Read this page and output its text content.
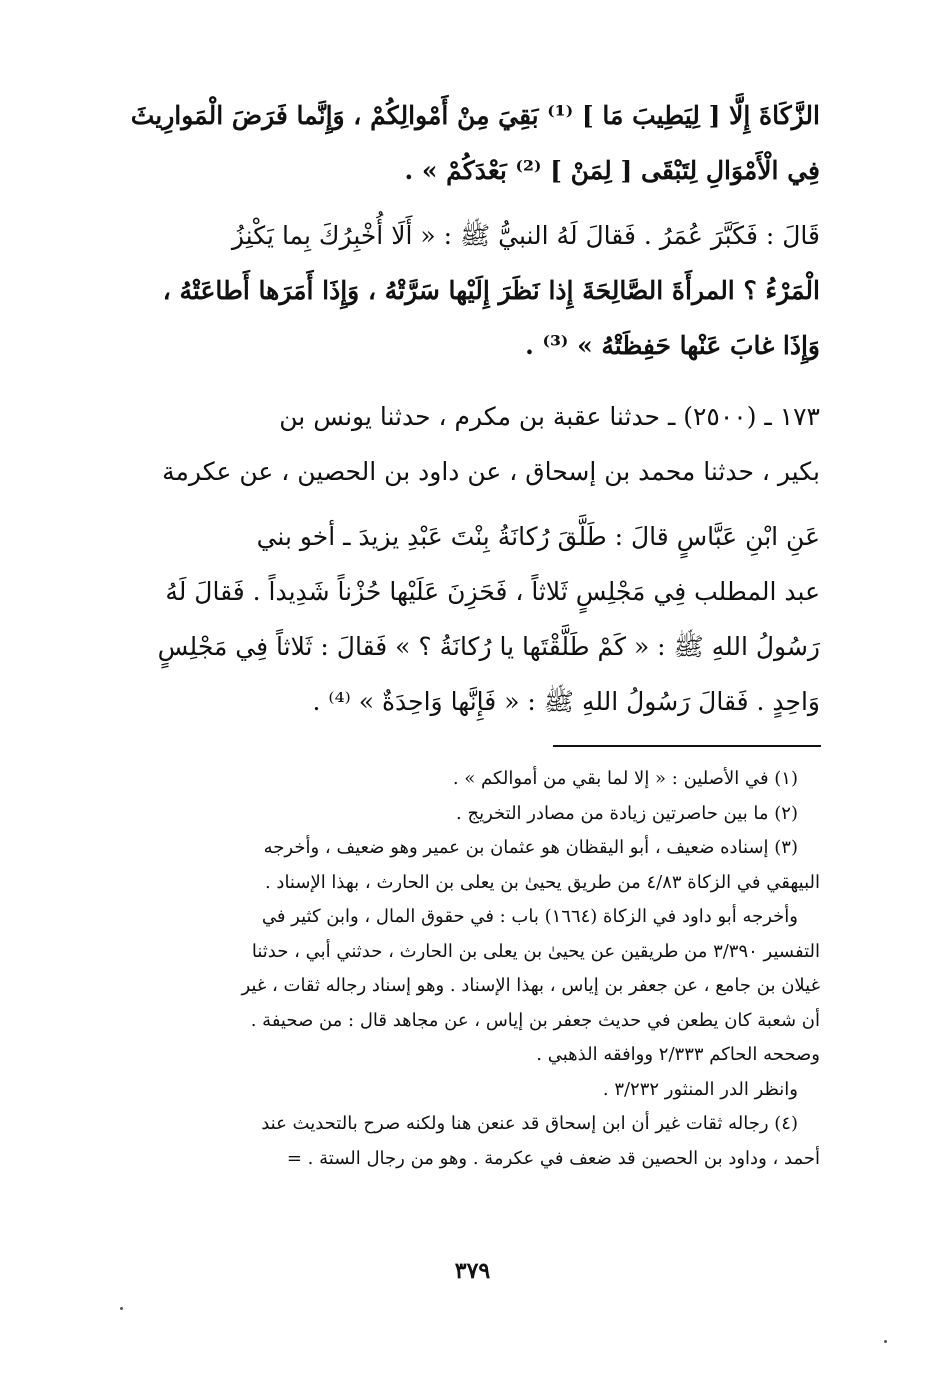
الزَّكَاةَ إِلَّا [ لِيَطِيبَ مَا ] ⁽¹⁾ بَقِيَ مِنْ أَمْوالِكُمْ ، وَإِنَّما فَرَضَ الْمَوارِيثَ
فِي الْأَمْوَالِ لِتَبْقَى [ لِمَنْ ] ⁽²⁾ بَعْدَكُمْ » .

قَالَ : فَكَبَّرَ عُمَرُ . فَقالَ لَهُ النبيُّ ﷺ : « أَلَا أُخْبِرُكَ بِما يَكْنِزُ
الْمَرْءُ ؟ المرأَةَ الصَّالِحَةَ إِذا نَظَرَ إِلَيْها سَرَّتْهُ ، وَإِذَا أَمَرَها أَطاعَتْهُ ،
وَإِذَا غابَ عَنْها حَفِظَتْهُ » ⁽³⁾ .

١٧٣ ـ (٢٥٠٠) ـ حدثنا عقبة بن مكرم ، حدثنا يونس بن
بكير ، حدثنا محمد بن إسحاق ، عن داود بن الحصين ، عن عكرمة

عَنِ ابْنِ عَبَّاسٍ قالَ : طَلَّقَ رُكانَةُ بِنْتَ عَبْدِ يزيدَ ـ أخو بني
عبد المطلب فِي مَجْلِسٍ ثَلاثاً ، فَحَزِنَ عَلَيْها حُزْناً شَدِيداً . فَقالَ لَهُ
رَسُولُ اللهِ ﷺ : « كَمْ طَلَّقْتَها يا رُكانَةُ ؟ » فَقالَ : ثَلاثاً فِي مَجْلِسٍ
وَاحِدٍ . فَقالَ رَسُولُ اللهِ ﷺ : « فَإِنَّها وَاحِدَةٌ » ⁽⁴⁾ .

(١) في الأصلين : « إلا لما بقي من أموالكم » .
(٢) ما بين حاصرتين زيادة من مصادر التخريج .
(٣) إسناده ضعيف ، أبو اليقظان هو عثمان بن عمير وهو ضعيف ، وأخرجه
البيهقي في الزكاة ٤/٨٣ من طريق يحيىٰ بن يعلى بن الحارث ، بهذا الإسناد .
وأخرجه أبو داود في الزكاة (١٦٦٤) باب : في حقوق المال ، وابن كثير في
التفسير ٣/٣٩٠ من طريقين عن يحيىٰ بن يعلى بن الحارث ، حدثني أبي ، حدثنا
غيلان بن جامع ، عن جعفر بن إياس ، بهذا الإسناد . وهو إسناد رجاله ثقات ، غير
أن شعبة كان يطعن في حديث جعفر بن إياس ، عن مجاهد قال : من صحيفة .
وصححه الحاكم ٢/٣٣٣ ووافقه الذهبي .
وانظر الدر المنثور ٣/٢٣٢ .
(٤) رجاله ثقات غير أن ابن إسحاق قد عنعن هنا ولكنه صرح بالتحديث عند
أحمد ، وداود بن الحصين قد ضعف في عكرمة . وهو من رجال الستة . =
٣٧٩
